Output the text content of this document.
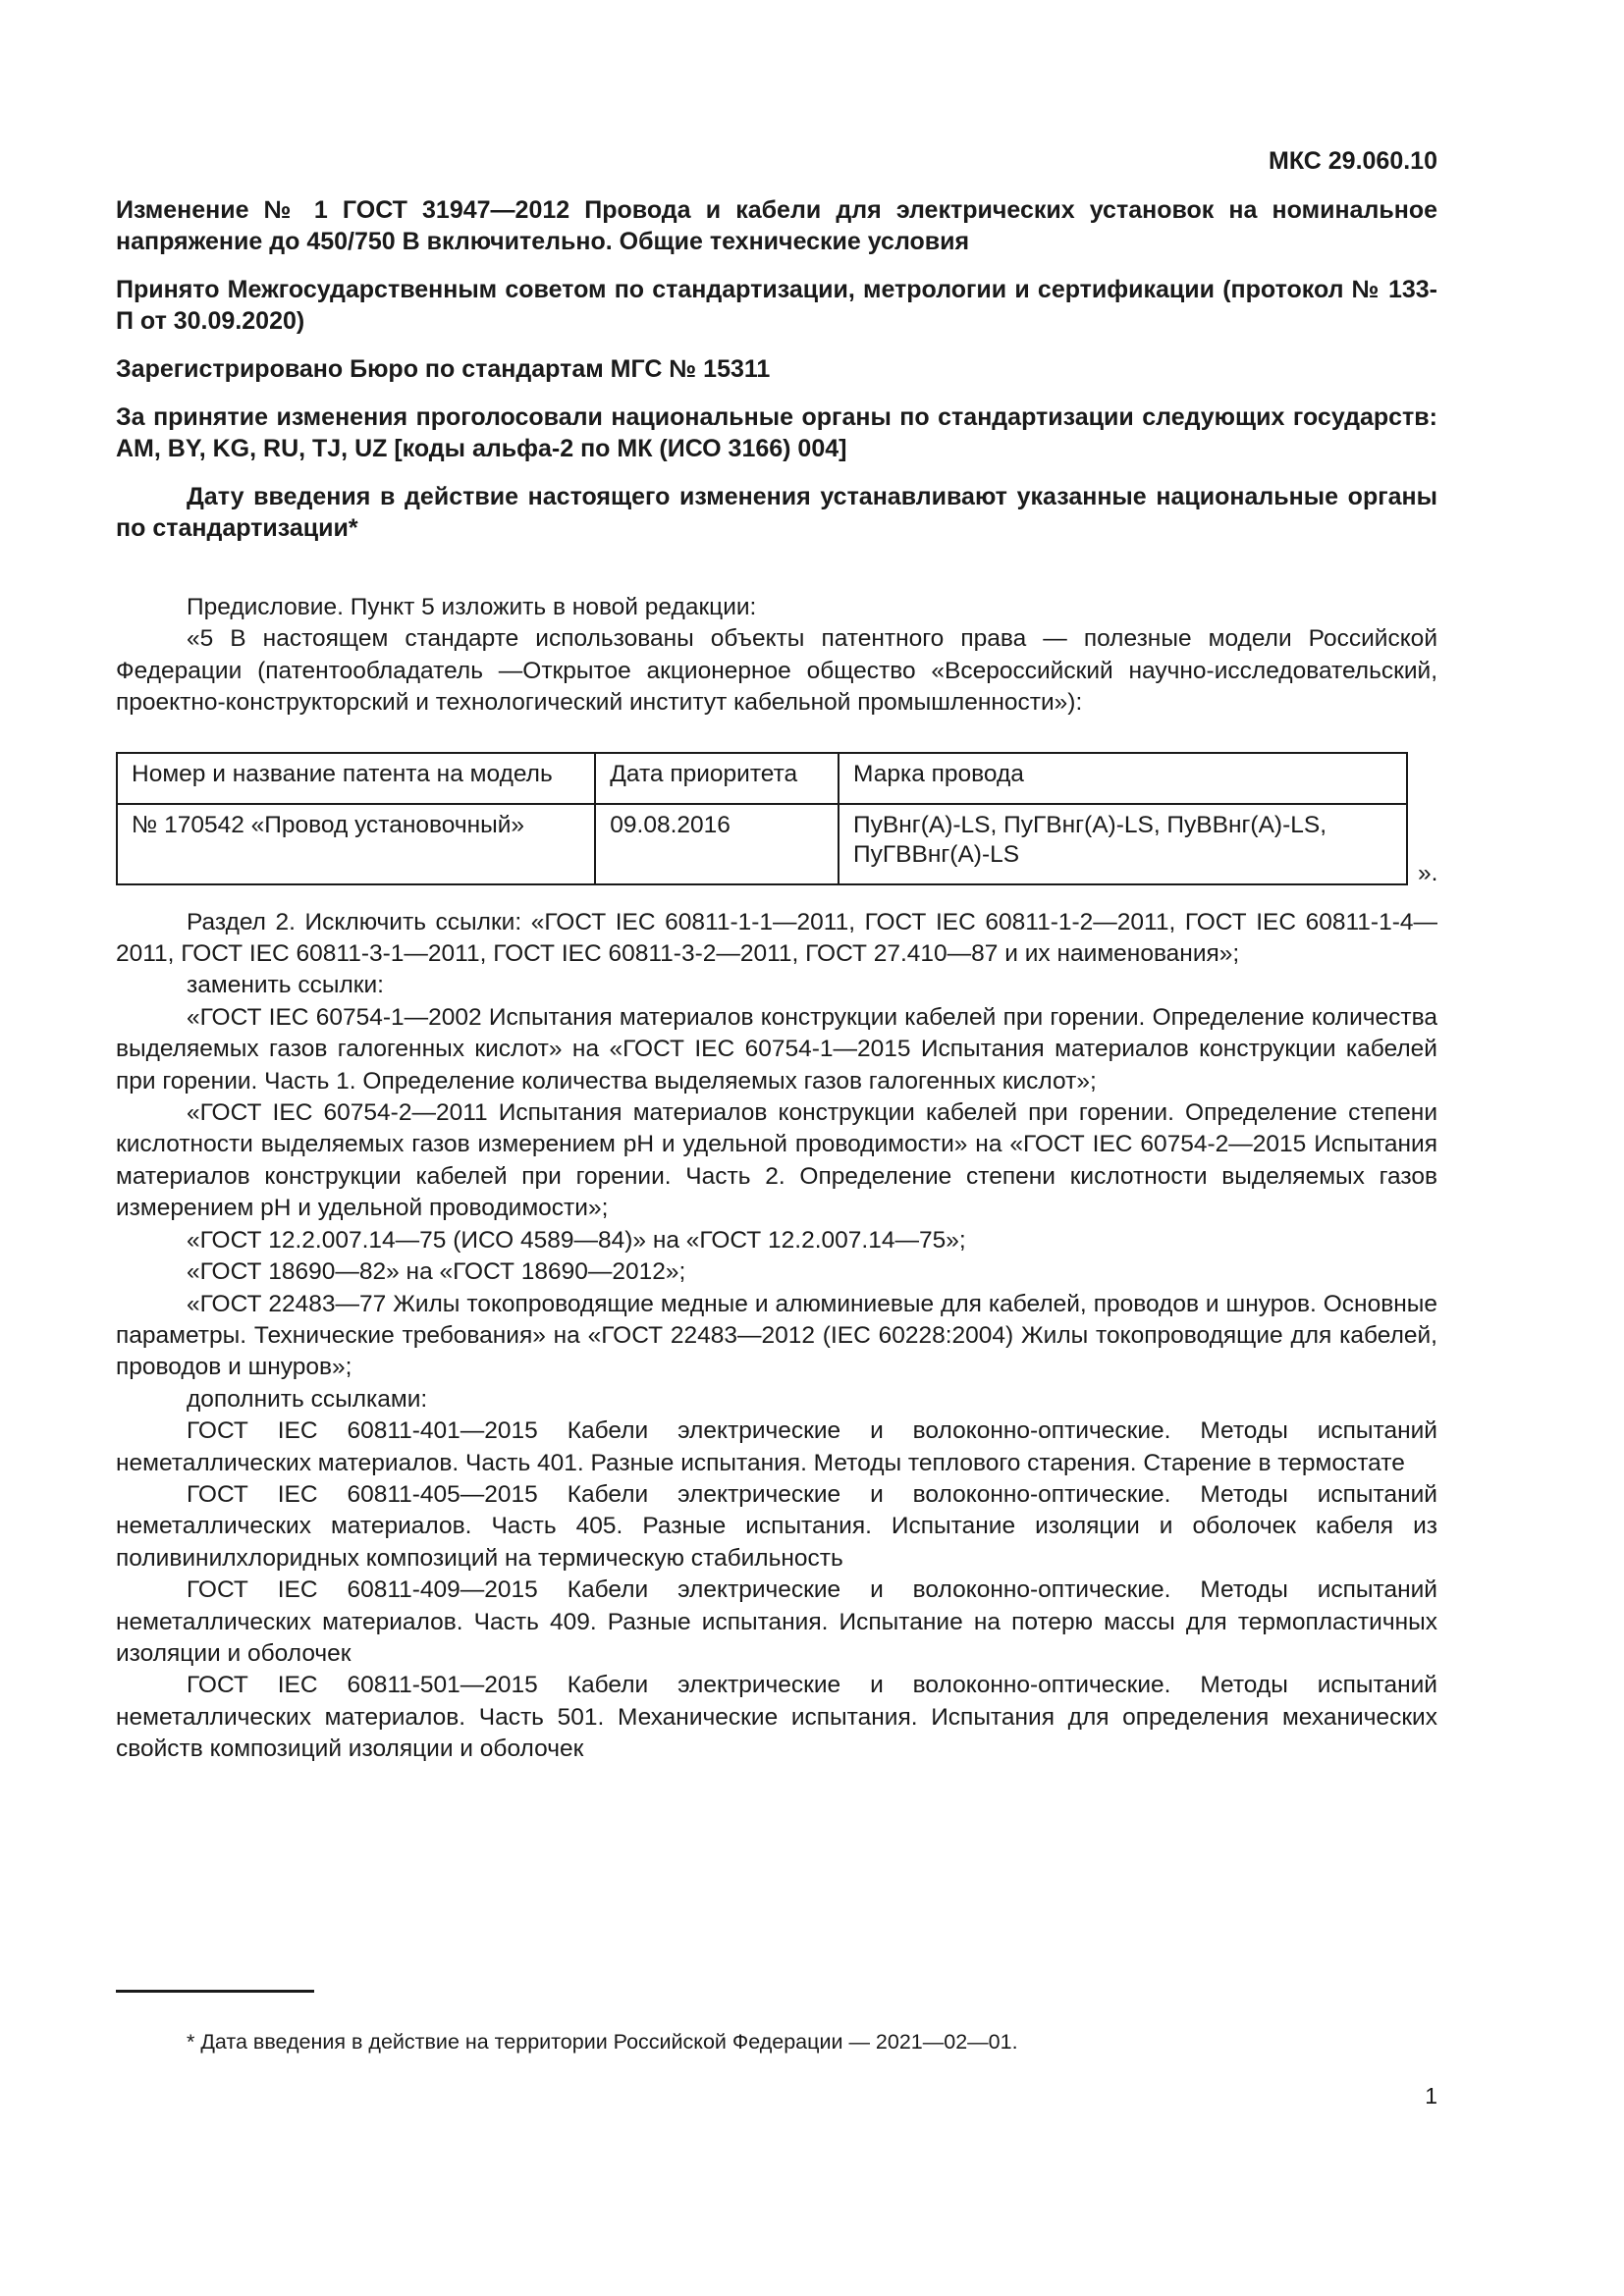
МКС 29.060.10

Изменение № 1 ГОСТ 31947—2012 Провода и кабели для электрических установок на номинальное напряжение до 450/750 В включительно. Общие технические условия

Принято Межгосударственным советом по стандартизации, метрологии и сертификации (протокол № 133-П от 30.09.2020)

Зарегистрировано Бюро по стандартам МГС № 15311

За принятие изменения проголосовали национальные органы по стандартизации следующих государств: AM, BY, KG, RU, TJ, UZ [коды альфа-2 по МК (ИСО 3166) 004]

Дату введения в действие настоящего изменения устанавливают указанные национальные органы по стандартизации*

Предисловие. Пункт 5 изложить в новой редакции:

«5 В настоящем стандарте использованы объекты патентного права — полезные модели Российской Федерации (патентообладатель —Открытое акционерное общество «Всероссийский научно-исследовательский, проектно-конструкторский и технологический институт кабельной промышленности»):

Номер и название патента на модель	Дата приоритета	Марка провода
№ 170542 «Провод установочный»	09.08.2016	ПуВнг(А)-LS, ПуГВнг(А)-LS, ПуВВнг(А)-LS, ПуГВВнг(А)-LS
».

Раздел 2. Исключить ссылки: «ГОСТ IEC 60811-1-1—2011, ГОСТ IEC 60811-1-2—2011, ГОСТ IEC 60811-1-4—2011, ГОСТ IEC 60811-3-1—2011, ГОСТ IEC 60811-3-2—2011, ГОСТ 27.410—87 и их наименования»;

заменить ссылки:

«ГОСТ IEC 60754-1—2002 Испытания материалов конструкции кабелей при горении. Определение количества выделяемых газов галогенных кислот» на «ГОСТ IEC 60754-1—2015 Испытания материалов конструкции кабелей при горении. Часть 1. Определение количества выделяемых газов галогенных кислот»;

«ГОСТ IEC 60754-2—2011 Испытания материалов конструкции кабелей при горении. Определение степени кислотности выделяемых газов измерением pH и удельной проводимости» на «ГОСТ IEC 60754-2—2015 Испытания материалов конструкции кабелей при горении. Часть 2. Определение степени кислотности выделяемых газов измерением pH и удельной проводимости»;

«ГОСТ 12.2.007.14—75 (ИСО 4589—84)» на «ГОСТ 12.2.007.14—75»;

«ГОСТ 18690—82» на «ГОСТ 18690—2012»;

«ГОСТ 22483—77 Жилы токопроводящие медные и алюминиевые для кабелей, проводов и шнуров. Основные параметры. Технические требования» на «ГОСТ 22483—2012 (IEC 60228:2004) Жилы токопроводящие для кабелей, проводов и шнуров»;

дополнить ссылками:

ГОСТ IEC 60811-401—2015 Кабели электрические и волоконно-оптические. Методы испытаний неметаллических материалов. Часть 401. Разные испытания. Методы теплового старения. Старение в термостате

ГОСТ IEC 60811-405—2015 Кабели электрические и волоконно-оптические. Методы испытаний неметаллических материалов. Часть 405. Разные испытания. Испытание изоляции и оболочек кабеля из поливинилхлоридных композиций на термическую стабильность

ГОСТ IEC 60811-409—2015 Кабели электрические и волоконно-оптические. Методы испытаний неметаллических материалов. Часть 409. Разные испытания. Испытание на потерю массы для термопластичных изоляции и оболочек

ГОСТ IEC 60811-501—2015 Кабели электрические и волоконно-оптические. Методы испытаний неметаллических материалов. Часть 501. Механические испытания. Испытания для определения механических свойств композиций изоляции и оболочек

* Дата введения в действие на территории Российской Федерации — 2021—02—01.
1
